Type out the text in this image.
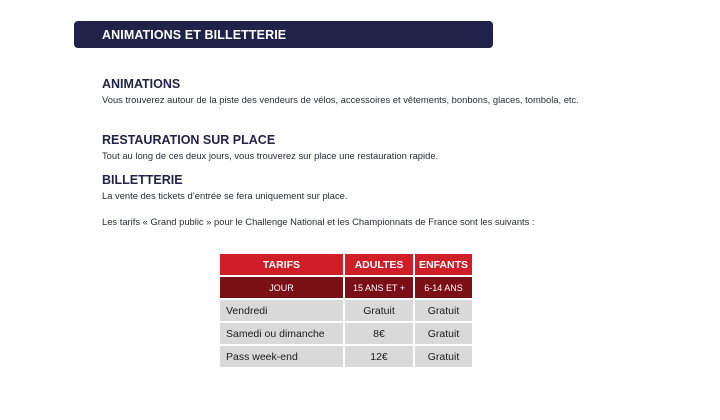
ANIMATIONS ET BILLETTERIE
ANIMATIONS

Vous trouverez autour de la piste des vendeurs de vélos, accessoires et vêtements, bonbons, glaces, tombola, etc.

RESTAURATION SUR PLACE

Tout au long de ces deux jours, vous trouverez sur place une restauration rapide.

BILLETTERIE

La vente des tickets d’entrée se fera uniquement sur place.

Les tarifs « Grand public » pour le Challenge National et les Championnats de France sont les suivants :
TARIFS	ADULTES	ENFANTS
JOUR	15 ANS ET +	6-14 ANS
Vendredi	Gratuit	Gratuit
Samedi ou dimanche	8€	Gratuit
Pass week-end	12€	Gratuit
